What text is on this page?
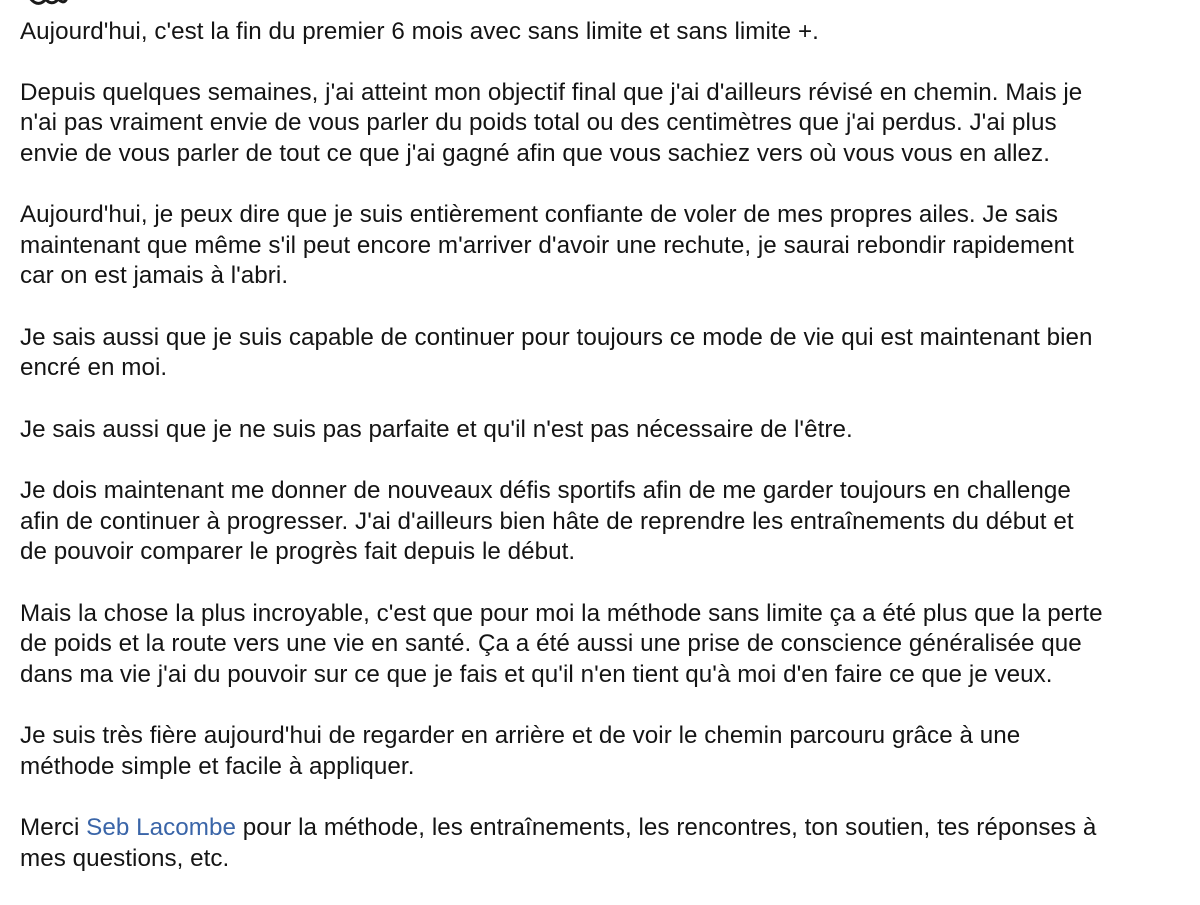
Aujourd'hui, c'est la fin du premier 6 mois avec sans limite et sans limite +.

Depuis quelques semaines, j'ai atteint mon objectif final que j'ai d'ailleurs révisé en chemin. Mais je
n'ai pas vraiment envie de vous parler du poids total ou des centimètres que j'ai perdus. J'ai plus
envie de vous parler de tout ce que j'ai gagné afin que vous sachiez vers où vous vous en allez.

Aujourd'hui, je peux dire que je suis entièrement confiante de voler de mes propres ailes. Je sais
maintenant que même s'il peut encore m'arriver d'avoir une rechute, je saurai rebondir rapidement
car on est jamais à l'abri.

Je sais aussi que je suis capable de continuer pour toujours ce mode de vie qui est maintenant bien
encré en moi.

Je sais aussi que je ne suis pas parfaite et qu'il n'est pas nécessaire de l'être.

Je dois maintenant me donner de nouveaux défis sportifs afin de me garder toujours en challenge
afin de continuer à progresser. J'ai d'ailleurs bien hâte de reprendre les entraînements du début et
de pouvoir comparer le progrès fait depuis le début.

Mais la chose la plus incroyable, c'est que pour moi la méthode sans limite ça a été plus que la perte
de poids et la route vers une vie en santé. Ça a été aussi une prise de conscience généralisée que
dans ma vie j'ai du pouvoir sur ce que je fais et qu'il n'en tient qu'à moi d'en faire ce que je veux.

Je suis très fière aujourd'hui de regarder en arrière et de voir le chemin parcouru grâce à une
méthode simple et facile à appliquer.

Merci Seb Lacombe pour la méthode, les entraînements, les rencontres, ton soutien, tes réponses à
mes questions, etc.
